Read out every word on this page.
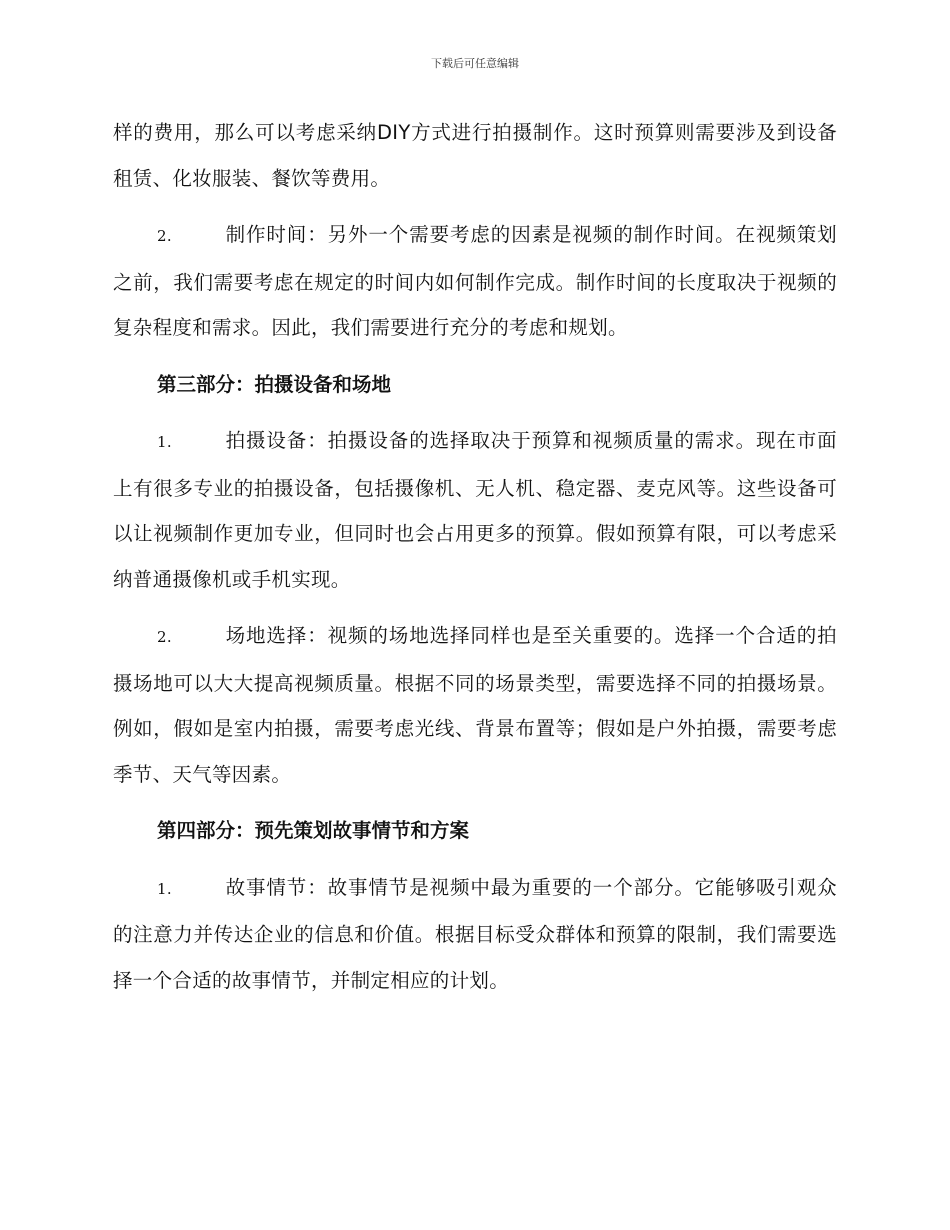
下载后可任意编辑

样的费用，那么可以考虑采纳DIY方式进行拍摄制作。这时预算则需要涉及到设备租赁、化妆服装、餐饮等费用。

2.	制作时间：另外一个需要考虑的因素是视频的制作时间。在视频策划之前，我们需要考虑在规定的时间内如何制作完成。制作时间的长度取决于视频的复杂程度和需求。因此，我们需要进行充分的考虑和规划。

第三部分：拍摄设备和场地

1.	拍摄设备：拍摄设备的选择取决于预算和视频质量的需求。现在市面上有很多专业的拍摄设备，包括摄像机、无人机、稳定器、麦克风等。这些设备可以让视频制作更加专业，但同时也会占用更多的预算。假如预算有限，可以考虑采纳普通摄像机或手机实现。

2.	场地选择：视频的场地选择同样也是至关重要的。选择一个合适的拍摄场地可以大大提高视频质量。根据不同的场景类型，需要选择不同的拍摄场景。例如，假如是室内拍摄，需要考虑光线、背景布置等；假如是户外拍摄，需要考虑季节、天气等因素。

第四部分：预先策划故事情节和方案

1.	故事情节：故事情节是视频中最为重要的一个部分。它能够吸引观众的注意力并传达企业的信息和价值。根据目标受众群体和预算的限制，我们需要选择一个合适的故事情节，并制定相应的计划。
